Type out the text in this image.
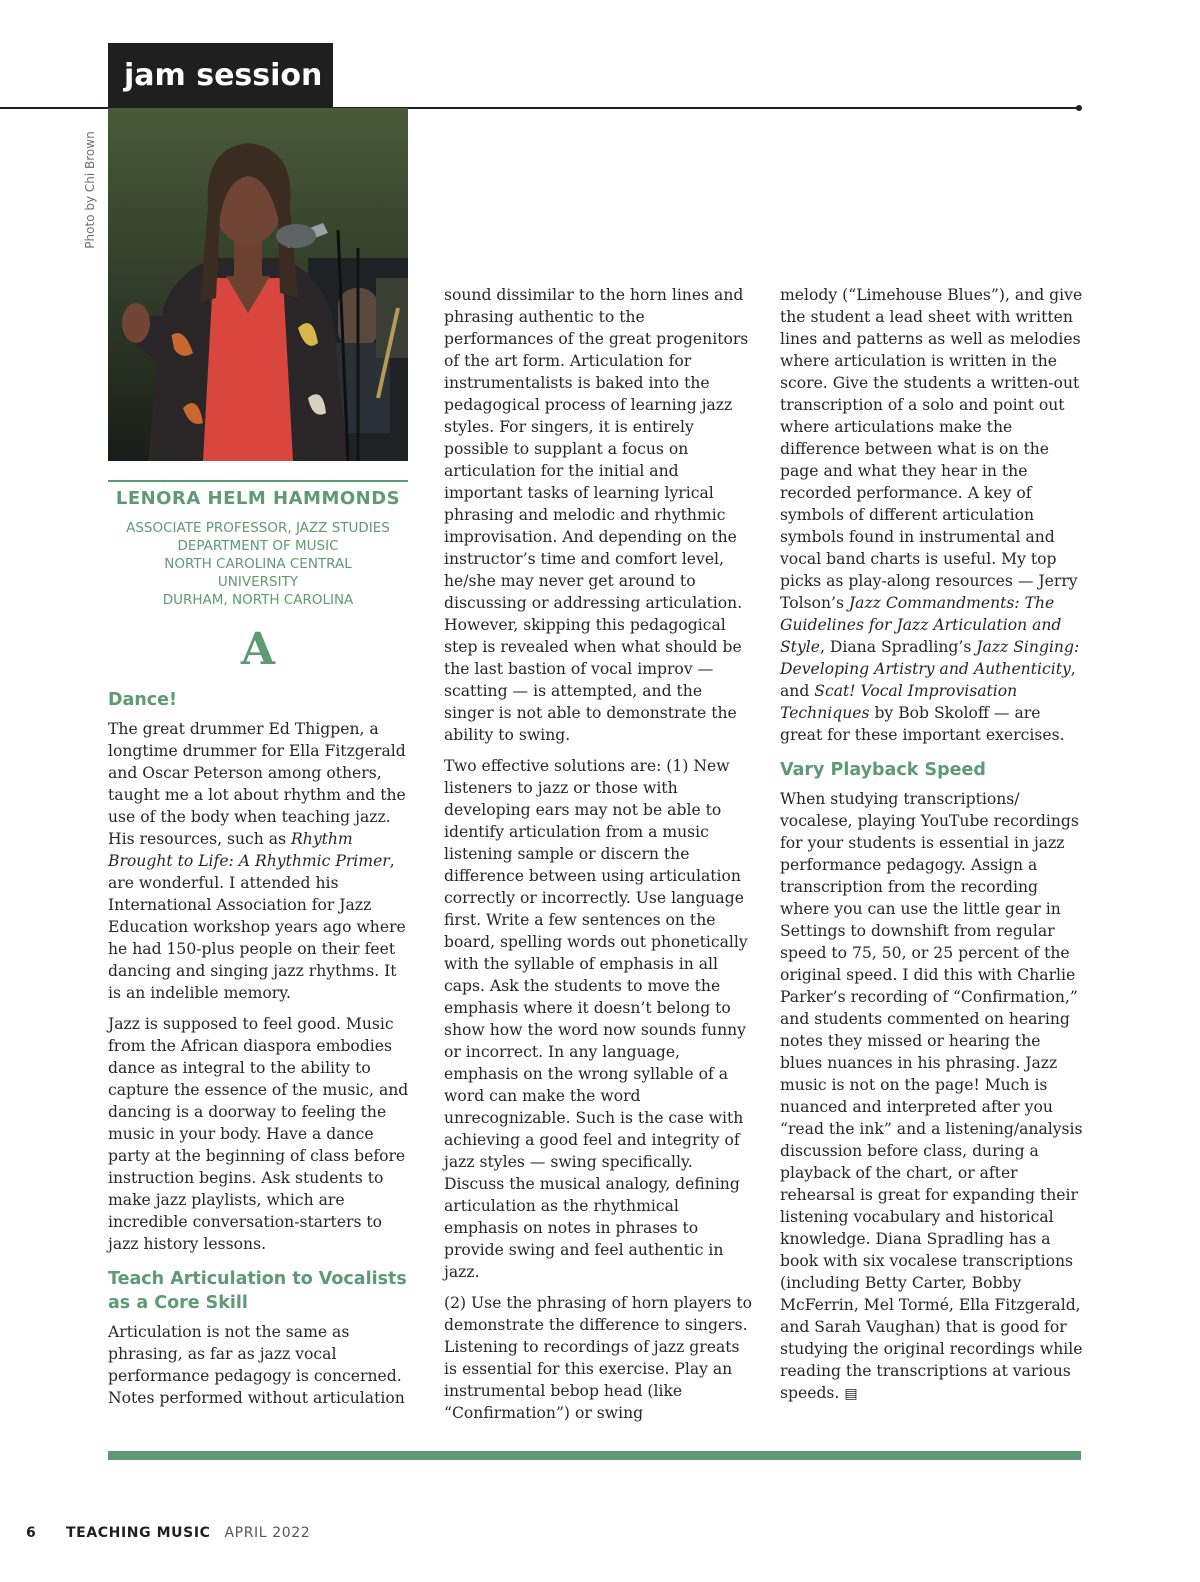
jam session
Photo by Chi Brown
LENORA HELM HAMMONDS
ASSOCIATE PROFESSOR, JAZZ STUDIES
DEPARTMENT OF MUSIC
NORTH CAROLINA CENTRAL
UNIVERSITY
DURHAM, NORTH CAROLINA
A
Dance!

The great drummer Ed Thigpen, a longtime drummer for Ella Fitzgerald and Oscar Peterson among others, taught me a lot about rhythm and the use of the body when teaching jazz. His resources, such as Rhythm Brought to Life: A Rhythmic Primer, are wonderful. I attended his International Association for Jazz Education workshop years ago where he had 150-plus people on their feet dancing and singing jazz rhythms. It is an indelible memory.

Jazz is supposed to feel good. Music from the African diaspora embodies dance as integral to the ability to capture the essence of the music, and dancing is a doorway to feeling the music in your body. Have a dance party at the beginning of class before instruction begins. Ask students to make jazz playlists, which are incredible conversation-starters to jazz history lessons.

Teach Articulation to Vocalists as a Core Skill

Articulation is not the same as phrasing, as far as jazz vocal performance pedagogy is concerned. Notes performed without articulation

sound dissimilar to the horn lines and phrasing authentic to the performances of the great progenitors of the art form. Articulation for instrumentalists is baked into the pedagogical process of learning jazz styles. For singers, it is entirely possible to supplant a focus on articulation for the initial and important tasks of learning lyrical phrasing and melodic and rhythmic improvisation. And depending on the instructor’s time and comfort level, he/she may never get around to discussing or addressing articulation. However, skipping this pedagogical step is revealed when what should be the last bastion of vocal improv — scatting — is attempted, and the singer is not able to demonstrate the ability to swing.

Two effective solutions are: (1) New listeners to jazz or those with developing ears may not be able to identify articulation from a music listening sample or discern the difference between using articulation correctly or incorrectly. Use language first. Write a few sentences on the board, spelling words out phonetically with the syllable of emphasis in all caps. Ask the students to move the emphasis where it doesn’t belong to show how the word now sounds funny or incorrect. In any language, emphasis on the wrong syllable of a word can make the word unrecognizable. Such is the case with achieving a good feel and integrity of jazz styles — swing specifically. Discuss the musical analogy, defining articulation as the rhythmical emphasis on notes in phrases to provide swing and feel authentic in jazz.

(2) Use the phrasing of horn players to demonstrate the difference to singers. Listening to recordings of jazz greats is essential for this exercise. Play an instrumental bebop head (like “Confirmation”) or swing

melody (“Limehouse Blues”), and give the student a lead sheet with written lines and patterns as well as melodies where articulation is written in the score. Give the students a written-out transcription of a solo and point out where articulations make the difference between what is on the page and what they hear in the recorded performance. A key of symbols of different articulation symbols found in instrumental and vocal band charts is useful. My top picks as play-along resources — Jerry Tolson’s Jazz Commandments: The Guidelines for Jazz Articulation and Style, Diana Spradling’s Jazz Singing: Developing Artistry and Authenticity, and Scat! Vocal Improvisation Techniques by Bob Skoloff — are great for these important exercises.

Vary Playback Speed

When studying transcriptions/ vocalese, playing YouTube recordings for your students is essential in jazz performance pedagogy. Assign a transcription from the recording where you can use the little gear in Settings to downshift from regular speed to 75, 50, or 25 percent of the original speed. I did this with Charlie Parker’s recording of “Confirmation,” and students commented on hearing notes they missed or hearing the blues nuances in his phrasing. Jazz music is not on the page! Much is nuanced and interpreted after you “read the ink” and a listening/analysis discussion before class, during a playback of the chart, or after rehearsal is great for expanding their listening vocabulary and historical knowledge. Diana Spradling has a book with six vocalese transcriptions (including Betty Carter, Bobby McFerrin, Mel Tormé, Ella Fitzgerald, and Sarah Vaughan) that is good for studying the original recordings while reading the transcriptions at various speeds. ▤

6 TEACHING MUSIC APRIL 2022
